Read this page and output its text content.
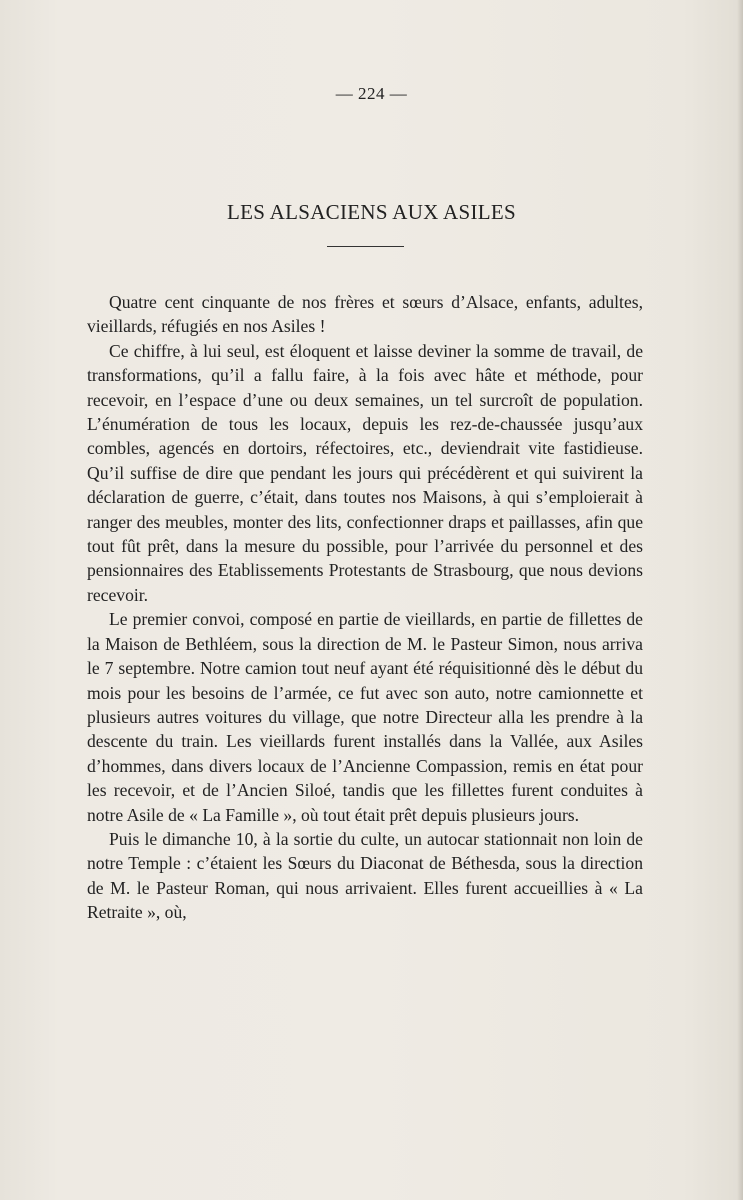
— 224 —
LES ALSACIENS AUX ASILES

Quatre cent cinquante de nos frères et sœurs d’Alsace, enfants, adultes, vieillards, réfugiés en nos Asiles !

Ce chiffre, à lui seul, est éloquent et laisse deviner la somme de travail, de transformations, qu’il a fallu faire, à la fois avec hâte et méthode, pour recevoir, en l’espace d’une ou deux semaines, un tel surcroît de population. L’énumération de tous les locaux, depuis les rez-de-chaussée jusqu’aux combles, agencés en dortoirs, réfectoires, etc., deviendrait vite fastidieuse. Qu’il suffise de dire que pendant les jours qui précédèrent et qui suivirent la déclaration de guerre, c’était, dans toutes nos Maisons, à qui s’emploierait à ranger des meubles, monter des lits, confectionner draps et paillasses, afin que tout fût prêt, dans la mesure du possible, pour l’arrivée du personnel et des pensionnaires des Etablissements Protestants de Strasbourg, que nous devions recevoir.

Le premier convoi, composé en partie de vieillards, en partie de fillettes de la Maison de Bethléem, sous la direction de M. le Pasteur Simon, nous arriva le 7 septembre. Notre camion tout neuf ayant été réquisitionné dès le début du mois pour les besoins de l’armée, ce fut avec son auto, notre camionnette et plusieurs autres voitures du village, que notre Directeur alla les prendre à la descente du train. Les vieillards furent installés dans la Vallée, aux Asiles d’hommes, dans divers locaux de l’Ancienne Compassion, remis en état pour les recevoir, et de l’Ancien Siloé, tandis que les fillettes furent conduites à notre Asile de « La Famille », où tout était prêt depuis plusieurs jours.

Puis le dimanche 10, à la sortie du culte, un autocar stationnait non loin de notre Temple : c’étaient les Sœurs du Diaconat de Béthesda, sous la direction de M. le Pasteur Roman, qui nous arrivaient. Elles furent accueillies à « La Retraite », où,
